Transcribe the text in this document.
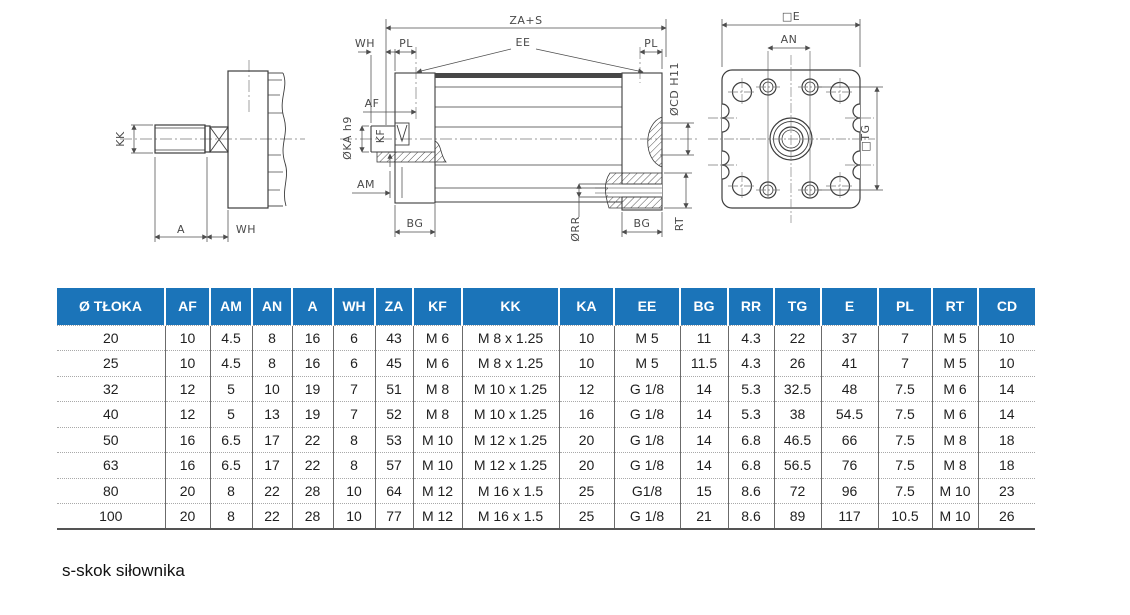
KK
A	WH
ZA+S
WH PL	EE	PL
AF
ØKA h9 KF
AM
BG	ØRR	BG RT
ØCD H11
□E
AN
□TG
Ø TŁOKA	AF	AM	AN	A	WH	ZA	KF	KK	KA	EE	BG	RR	TG	E	PL	RT	CD
20	10	4.5	8	16	6	43	M 6	M 8 x 1.25	10	M 5	11	4.3	22	37	7	M 5	10
25	10	4.5	8	16	6	45	M 6	M 8 x 1.25	10	M 5	11.5	4.3	26	41	7	M 5	10
32	12	5	10	19	7	51	M 8	M 10 x 1.25	12	G 1/8	14	5.3	32.5	48	7.5	M 6	14
40	12	5	13	19	7	52	M 8	M 10 x 1.25	16	G 1/8	14	5.3	38	54.5	7.5	M 6	14
50	16	6.5	17	22	8	53	M 10	M 12 x 1.25	20	G 1/8	14	6.8	46.5	66	7.5	M 8	18
63	16	6.5	17	22	8	57	M 10	M 12 x 1.25	20	G 1/8	14	6.8	56.5	76	7.5	M 8	18
80	20	8	22	28	10	64	M 12	M 16 x 1.5	25	G1/8	15	8.6	72	96	7.5	M 10	23
100	20	8	22	28	10	77	M 12	M 16 x 1.5	25	G 1/8	21	8.6	89	117	10.5	M 10	26
s-skok siłownika
